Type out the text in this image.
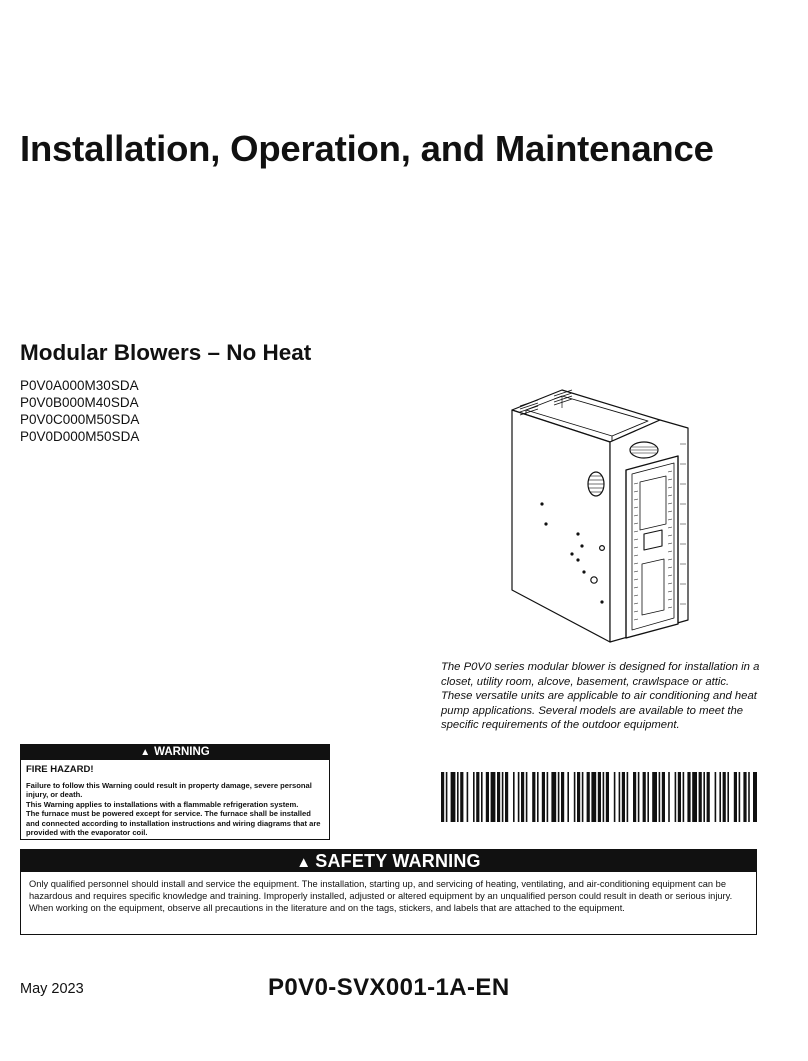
Installation, Operation, and Maintenance
Modular Blowers – No Heat
P0V0A000M30SDA
P0V0B000M40SDA
P0V0C000M50SDA
P0V0D000M50SDA

The P0V0 series modular blower is designed for installation in a closet, utility room, alcove, basement, crawlspace or attic. These versatile units are applicable to air conditioning and heat pump applications. Several models are available to meet the specific requirements of the outdoor equipment.

▲ WARNING

FIRE HAZARD!

Failure to follow this Warning could result in property damage, severe personal injury, or death.

This Warning applies to installations with a flammable refrigeration system.

The furnace must be powered except for service. The furnace shall be installed and connected according to installation instructions and wiring diagrams that are provided with the evaporator coil.

▲ SAFETY WARNING

Only qualified personnel should install and service the equipment. The installation, starting up, and servicing of heating, ventilating, and air-conditioning equipment can be hazardous and requires specific knowledge and training. Improperly installed, adjusted or altered equipment by an unqualified person could result in death or serious injury. When working on the equipment, observe all precautions in the literature and on the tags, stickers, and labels that are attached to the equipment.

May 2023	P0V0-SVX001-1A-EN
